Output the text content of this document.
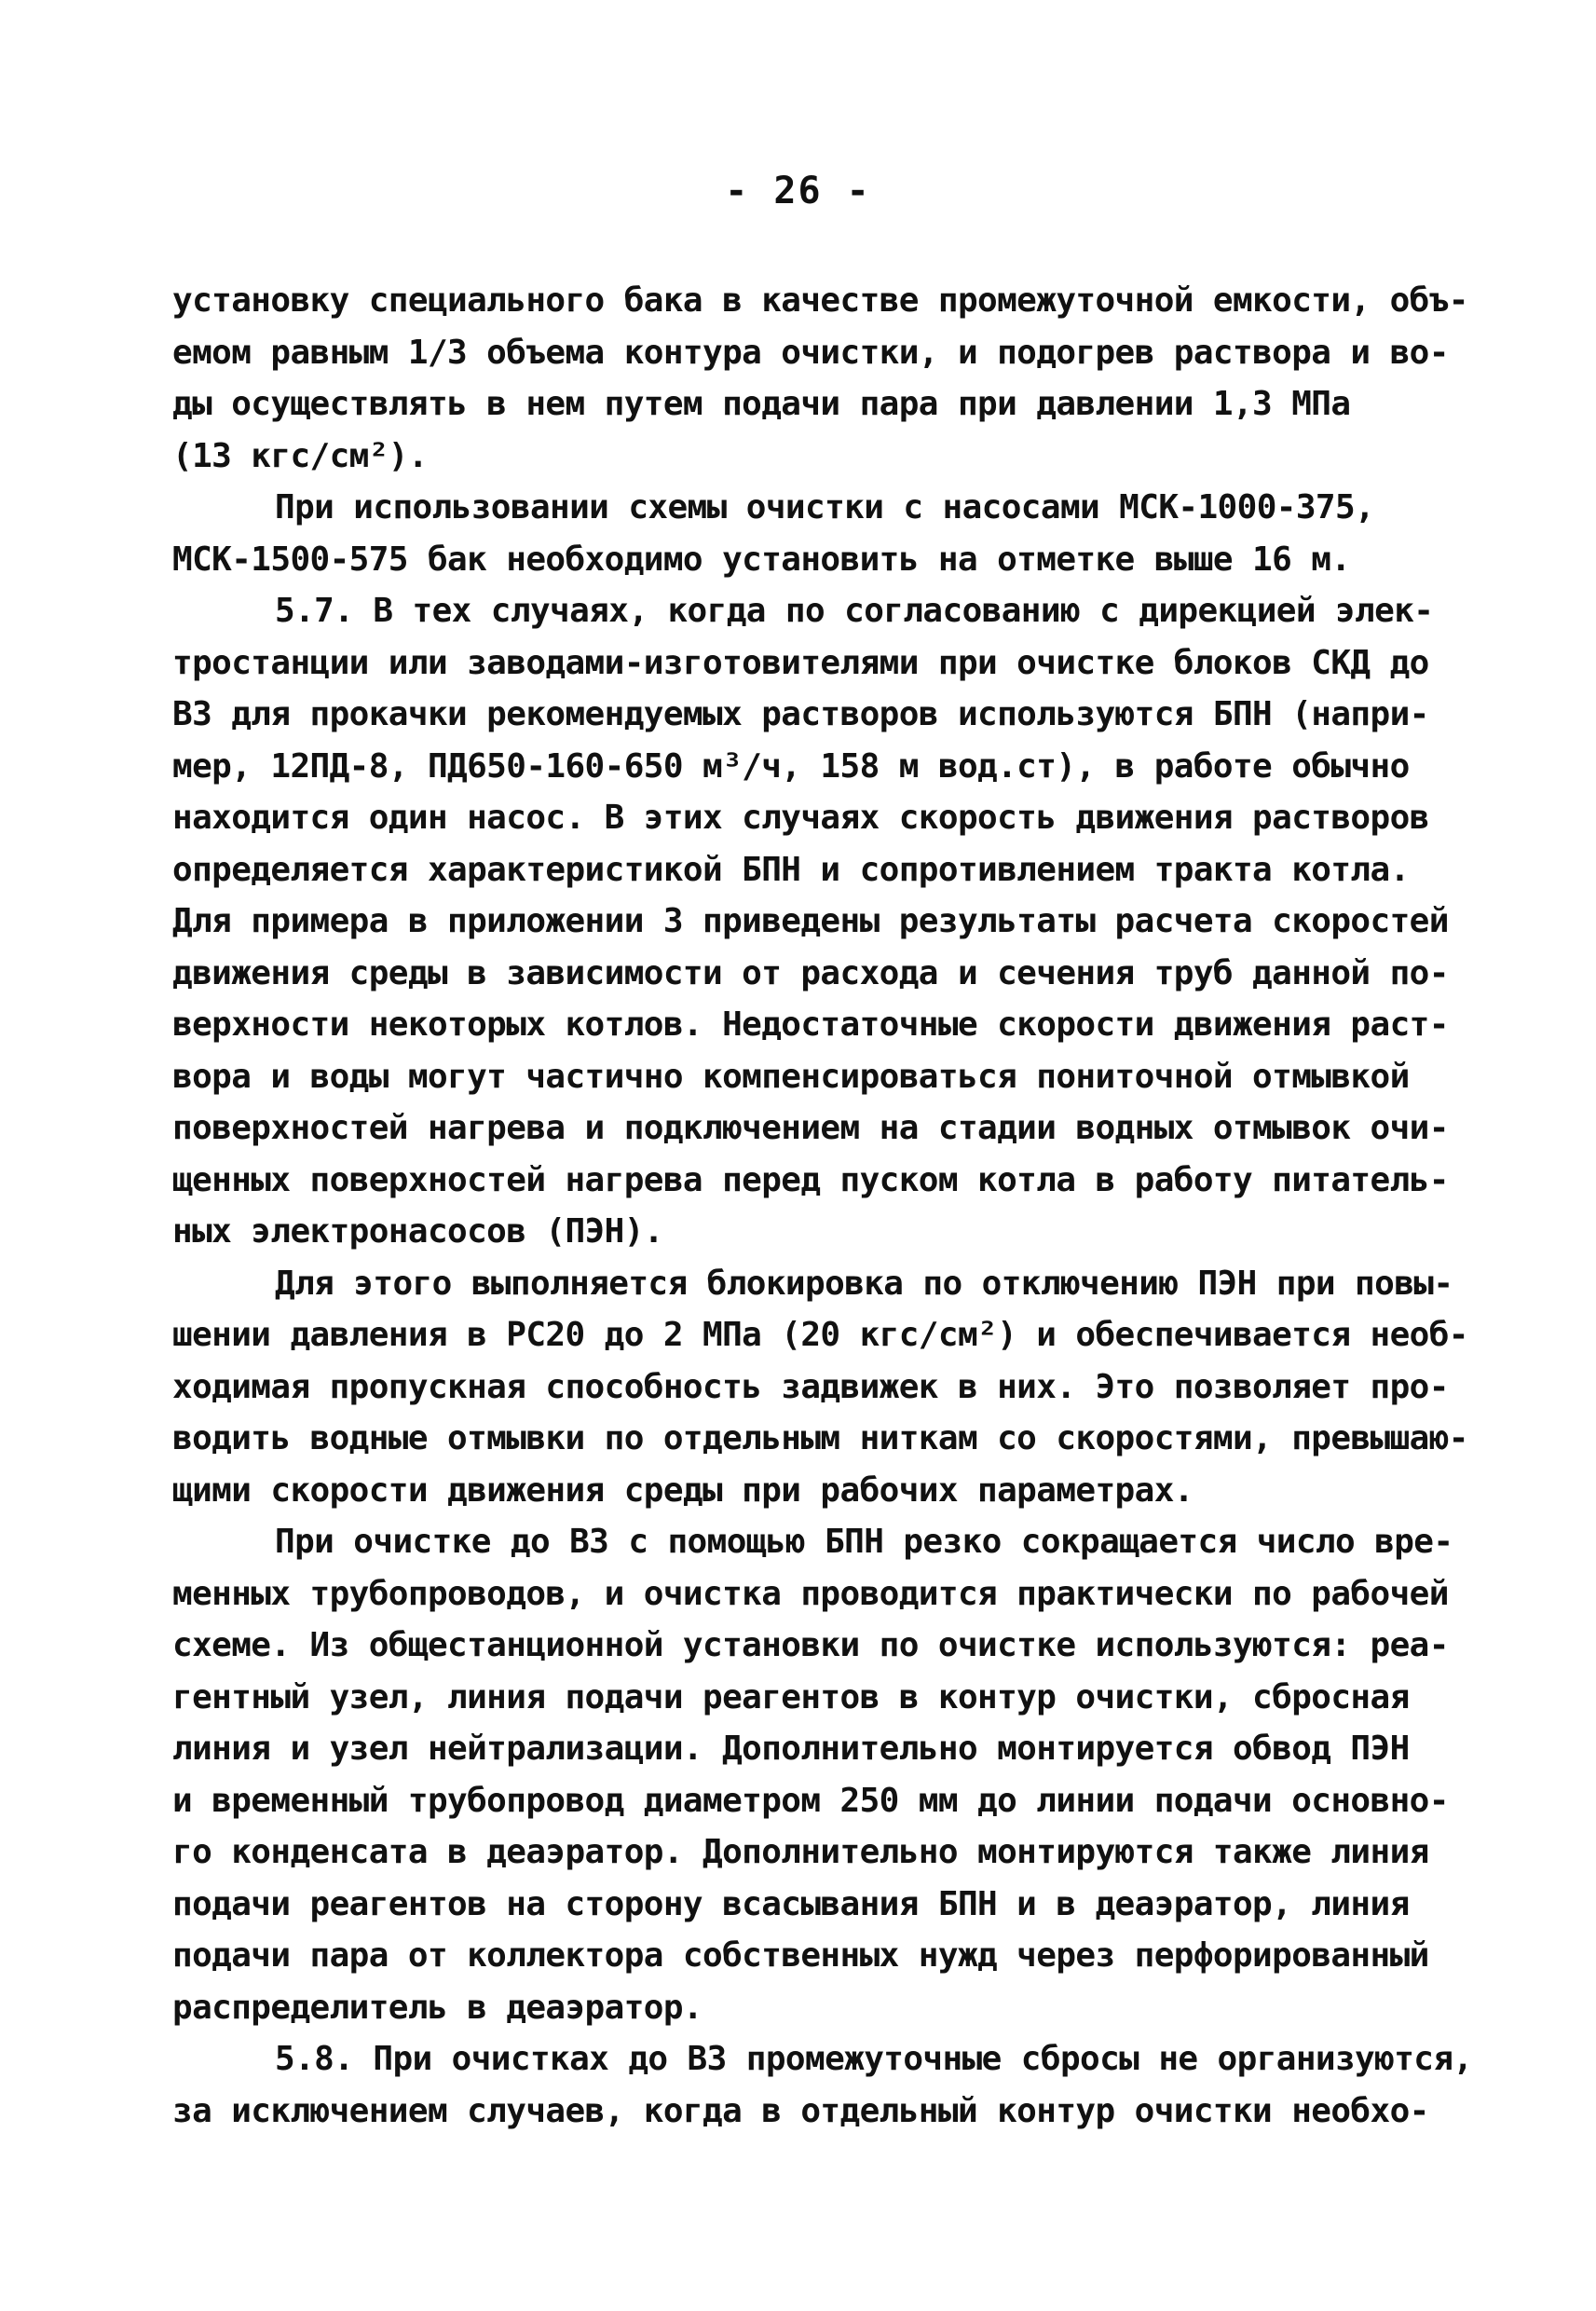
- 26 -
установку специального бака в качестве промежуточной емкости, объ-
емом равным 1/3 объема контура очистки, и подогрев раствора и во-
ды осуществлять в нем путем подачи пара при давлении 1,3 МПа
(13 кгс/см²).
При использовании схемы очистки с насосами МСК-1000-375,
МСК-1500-575 бак необходимо установить на отметке выше 16 м.
5.7. В тех случаях, когда по согласованию с дирекцией элек-
тростанции или заводами-изготовителями при очистке блоков СКД до
ВЗ для прокачки рекомендуемых растворов используются БПН (напри-
мер, 12ПД-8, ПД650-160-650 м³/ч, 158 м вод.ст), в работе обычно
находится один насос. В этих случаях скорость движения растворов
определяется характеристикой БПН и сопротивлением тракта котла.
Для примера в приложении 3 приведены результаты расчета скоростей
движения среды в зависимости от расхода и сечения труб данной по-
верхности некоторых котлов. Недостаточные скорости движения раст-
вора и воды могут частично компенсироваться пониточной отмывкой
поверхностей нагрева и подключением на стадии водных отмывок очи-
щенных поверхностей нагрева перед пуском котла в работу питатель-
ных электронасосов (ПЭН).
Для этого выполняется блокировка по отключению ПЭН при повы-
шении давления в РС20 до 2 МПа (20 кгс/см²) и обеспечивается необ-
ходимая пропускная способность задвижек в них. Это позволяет про-
водить водные отмывки по отдельным ниткам со скоростями, превышаю-
щими скорости движения среды при рабочих параметрах.
При очистке до ВЗ с помощью БПН резко сокращается число вре-
менных трубопроводов, и очистка проводится практически по рабочей
схеме. Из общестанционной установки по очистке используются: реа-
гентный узел, линия подачи реагентов в контур очистки, сбросная
линия и узел нейтрализации. Дополнительно монтируется обвод ПЭН
и временный трубопровод диаметром 250 мм до линии подачи основно-
го конденсата в деаэратор. Дополнительно монтируются также линия
подачи реагентов на сторону всасывания БПН и в деаэратор, линия
подачи пара от коллектора собственных нужд через перфорированный
распределитель в деаэратор.
5.8. При очистках до ВЗ промежуточные сбросы не организуются,
за исключением случаев, когда в отдельный контур очистки необхо-
